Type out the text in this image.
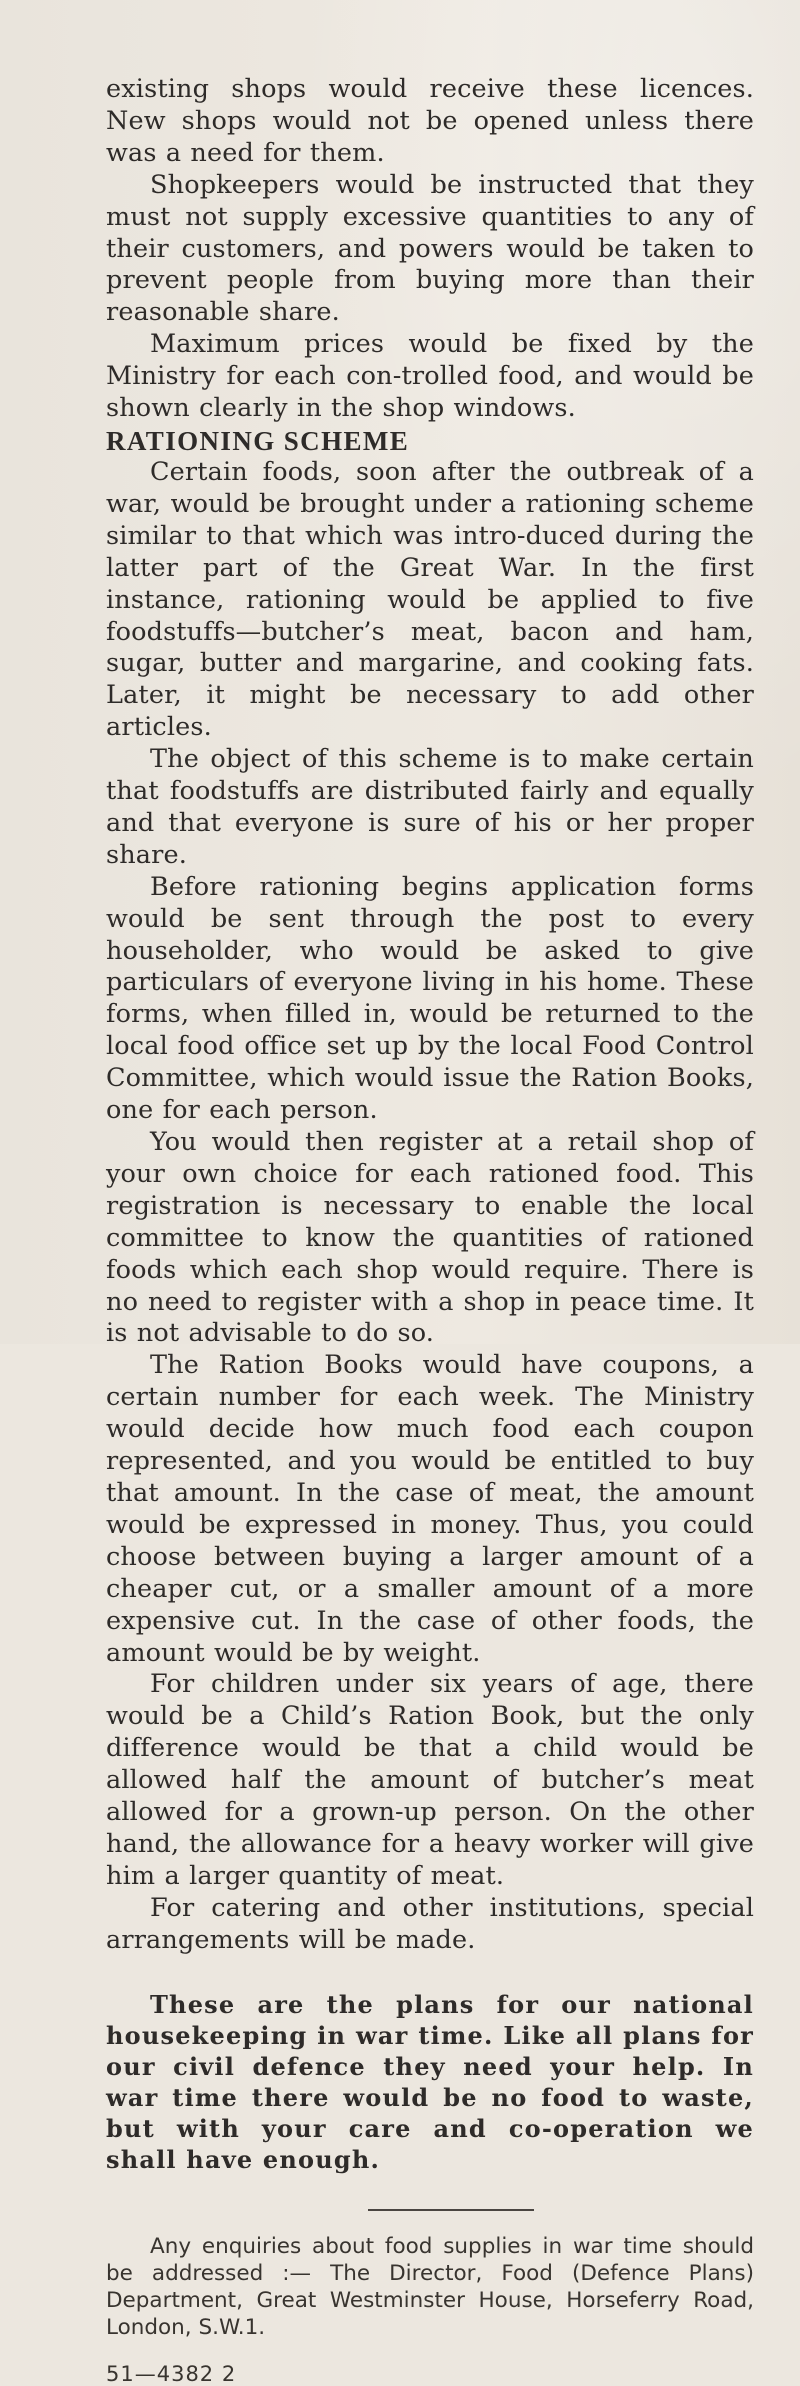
existing shops would receive these licences. New shops would not be opened unless there was a need for them.

Shopkeepers would be instructed that they must not supply excessive quantities to any of their customers, and powers would be taken to prevent people from buying more than their reasonable share.

Maximum prices would be fixed by the Ministry for each con-trolled food, and would be shown clearly in the shop windows.

RATIONING SCHEME

Certain foods, soon after the outbreak of a war, would be brought under a rationing scheme similar to that which was intro-duced during the latter part of the Great War. In the first instance, rationing would be applied to five foodstuffs—butcher’s meat, bacon and ham, sugar, butter and margarine, and cooking fats. Later, it might be necessary to add other articles.

The object of this scheme is to make certain that foodstuffs are distributed fairly and equally and that everyone is sure of his or her proper share.

Before rationing begins application forms would be sent through the post to every householder, who would be asked to give particulars of everyone living in his home. These forms, when filled in, would be returned to the local food office set up by the local Food Control Committee, which would issue the Ration Books, one for each person.

You would then register at a retail shop of your own choice for each rationed food. This registration is necessary to enable the local committee to know the quantities of rationed foods which each shop would require. There is no need to register with a shop in peace time. It is not advisable to do so.

The Ration Books would have coupons, a certain number for each week. The Ministry would decide how much food each coupon represented, and you would be entitled to buy that amount. In the case of meat, the amount would be expressed in money. Thus, you could choose between buying a larger amount of a cheaper cut, or a smaller amount of a more expensive cut. In the case of other foods, the amount would be by weight.

For children under six years of age, there would be a Child’s Ration Book, but the only difference would be that a child would be allowed half the amount of butcher’s meat allowed for a grown-up person. On the other hand, the allowance for a heavy worker will give him a larger quantity of meat.

For catering and other institutions, special arrangements will be made.

These are the plans for our national housekeeping in war time. Like all plans for our civil defence they need your help. In war time there would be no food to waste, but with your care and co-operation we shall have enough.

Any enquiries about food supplies in war time should be addressed :— The Director, Food (Defence Plans) Department, Great Westminster House, Horseferry Road, London, S.W.1.

51—4382 2
